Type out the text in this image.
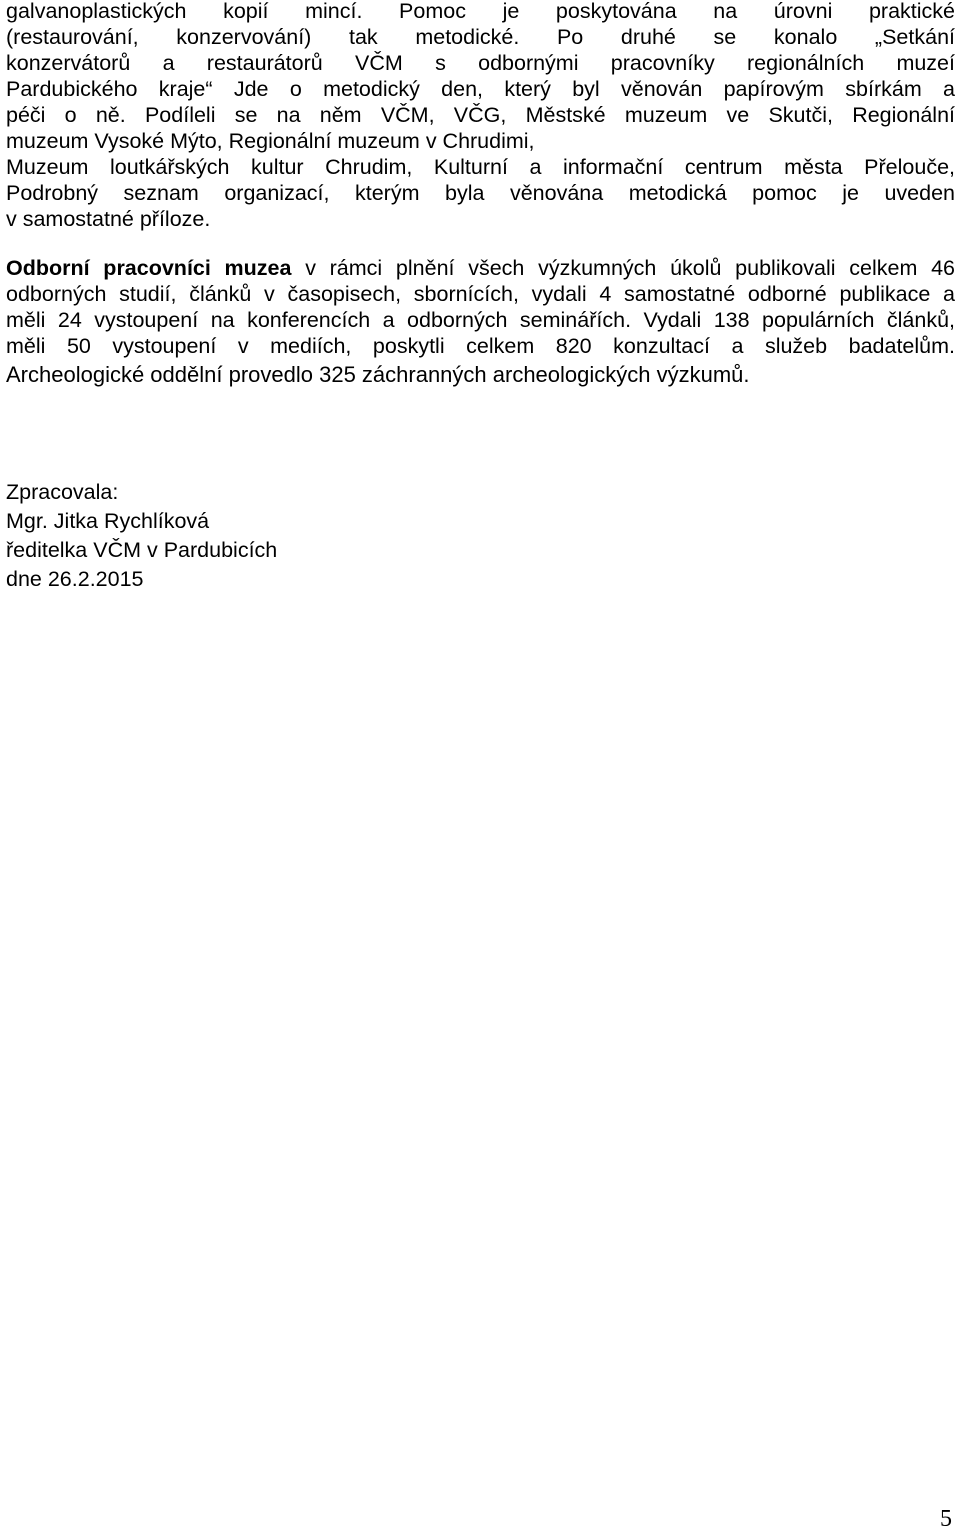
galvanoplastických kopií mincí. Pomoc je poskytována na úrovni praktické
(restaurování, konzervování) tak metodické. Po druhé se konalo „Setkání
konzervátorů a restaurátorů VČM s odbornými pracovníky regionálních muzeí
Pardubického kraje“ Jde o metodický den, který byl věnován papírovým sbírkám a
péči o ně. Podíleli se na něm VČM, VČG, Městské muzeum ve Skutči, Regionální
muzeum Vysoké Mýto, Regionální muzeum v Chrudimi,
Muzeum loutkářských kultur Chrudim, Kulturní a informační centrum města Přelouče,
Podrobný seznam organizací, kterým byla věnována metodická pomoc je uveden
v samostatné příloze.

Odborní pracovníci muzea v rámci plnění všech výzkumných úkolů publikovali celkem 46
odborných studií, článků v časopisech, sbornících, vydali 4 samostatné odborné publikace a
měli 24 vystoupení na konferencích a odborných seminářích. Vydali 138 populárních článků,
měli 50 vystoupení v mediích, poskytli celkem 820 konzultací a služeb badatelům.

Archeologické oddělní provedlo 325 záchranných archeologických výzkumů.

Zpracovala:
Mgr. Jitka Rychlíková
ředitelka VČM v Pardubicích
dne 26.2.2015
5
